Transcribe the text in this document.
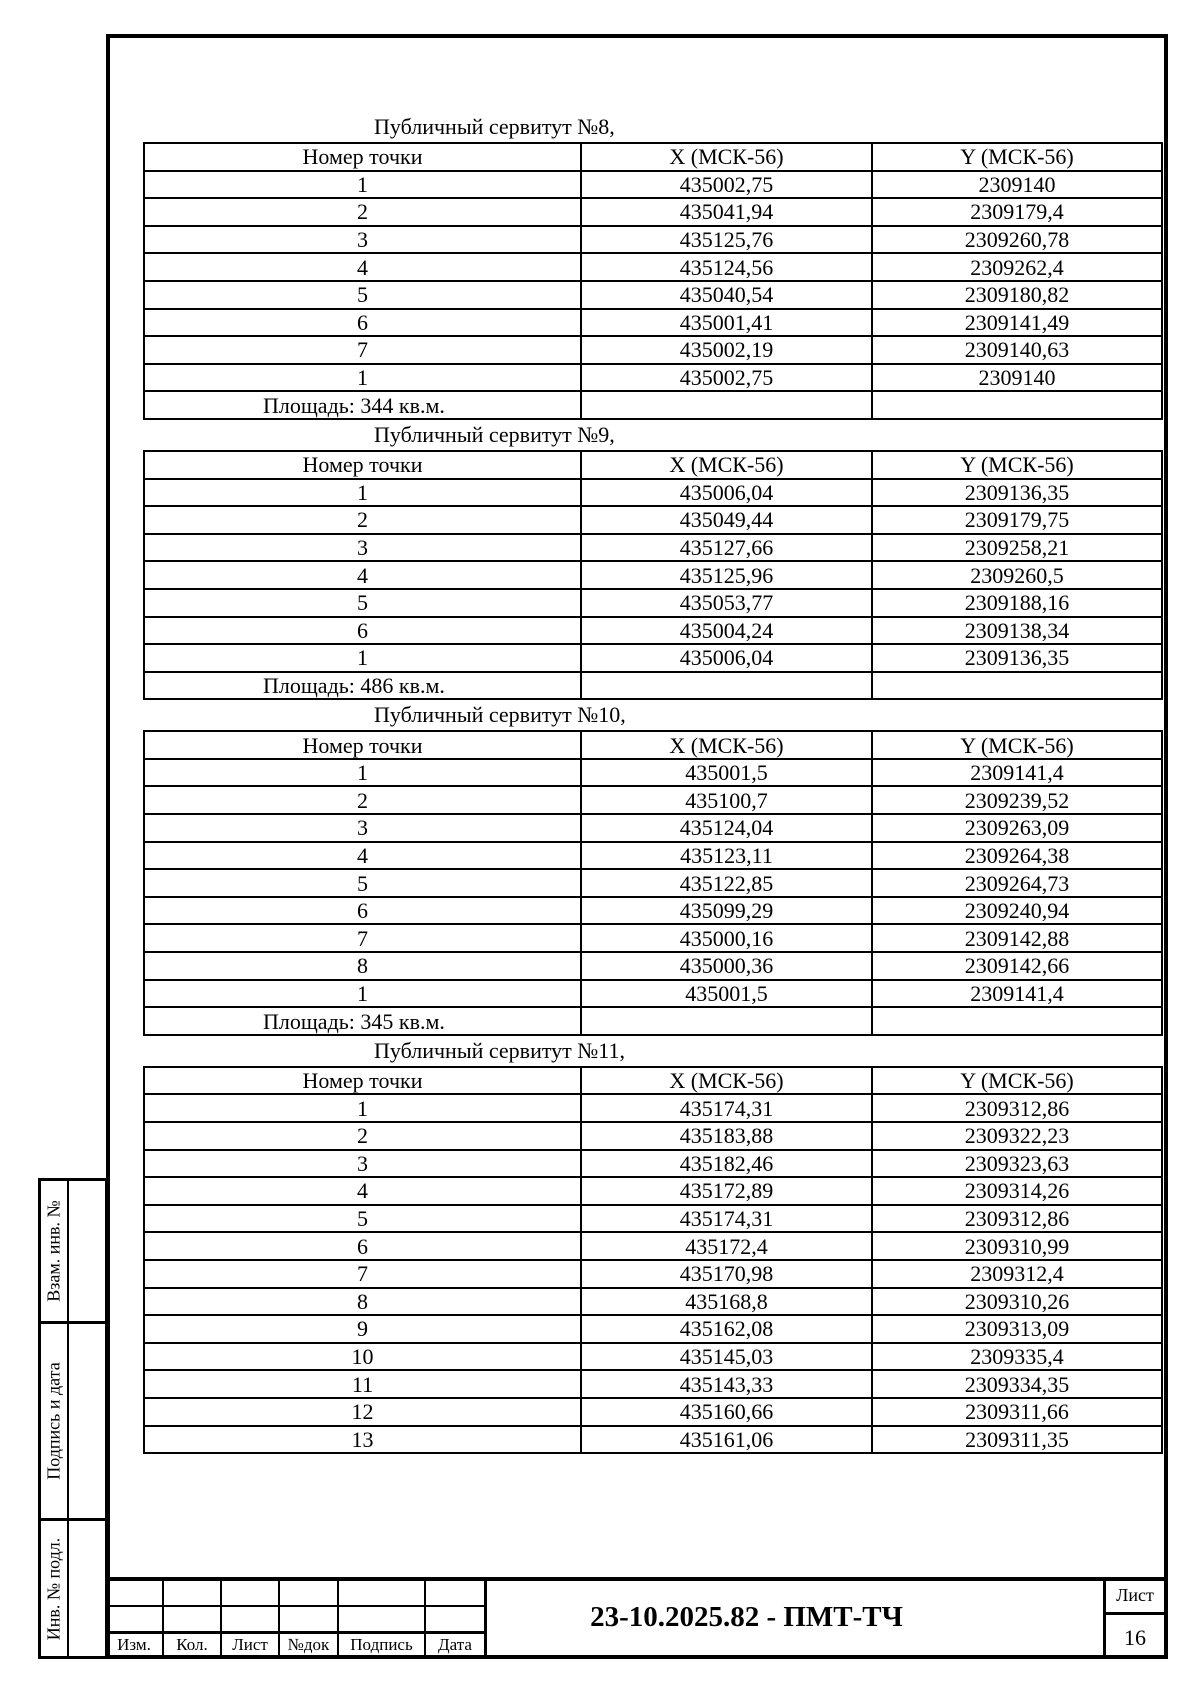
Публичный сервитут №8,
Номер точки	X (МСК-56)	Y (МСК-56)
1	435002,75	2309140
2	435041,94	2309179,4
3	435125,76	2309260,78
4	435124,56	2309262,4
5	435040,54	2309180,82
6	435001,41	2309141,49
7	435002,19	2309140,63
1	435002,75	2309140
Площадь: 344 кв.м.		
Публичный сервитут №9,
Номер точки	X (МСК-56)	Y (МСК-56)
1	435006,04	2309136,35
2	435049,44	2309179,75
3	435127,66	2309258,21
4	435125,96	2309260,5
5	435053,77	2309188,16
6	435004,24	2309138,34
1	435006,04	2309136,35
Площадь: 486 кв.м.		
Публичный сервитут №10,
Номер точки	X (МСК-56)	Y (МСК-56)
1	435001,5	2309141,4
2	435100,7	2309239,52
3	435124,04	2309263,09
4	435123,11	2309264,38
5	435122,85	2309264,73
6	435099,29	2309240,94
7	435000,16	2309142,88
8	435000,36	2309142,66
1	435001,5	2309141,4
Площадь: 345 кв.м.		
Публичный сервитут №11,
Номер точки	X (МСК-56)	Y (МСК-56)
1	435174,31	2309312,86
2	435183,88	2309322,23
3	435182,46	2309323,63
4	435172,89	2309314,26
5	435174,31	2309312,86
6	435172,4	2309310,99
7	435170,98	2309312,4
8	435168,8	2309310,26
9	435162,08	2309313,09
10	435145,03	2309335,4
11	435143,33	2309334,35
12	435160,66	2309311,66
13	435161,06	2309311,35
Взам. инв. №
Подпись и дата
Инв. № подл.
Изм.	Кол.	Лист	№док	Подпись	Дата
23-10.2025.82 - ПМТ-ТЧ
Лист
16
